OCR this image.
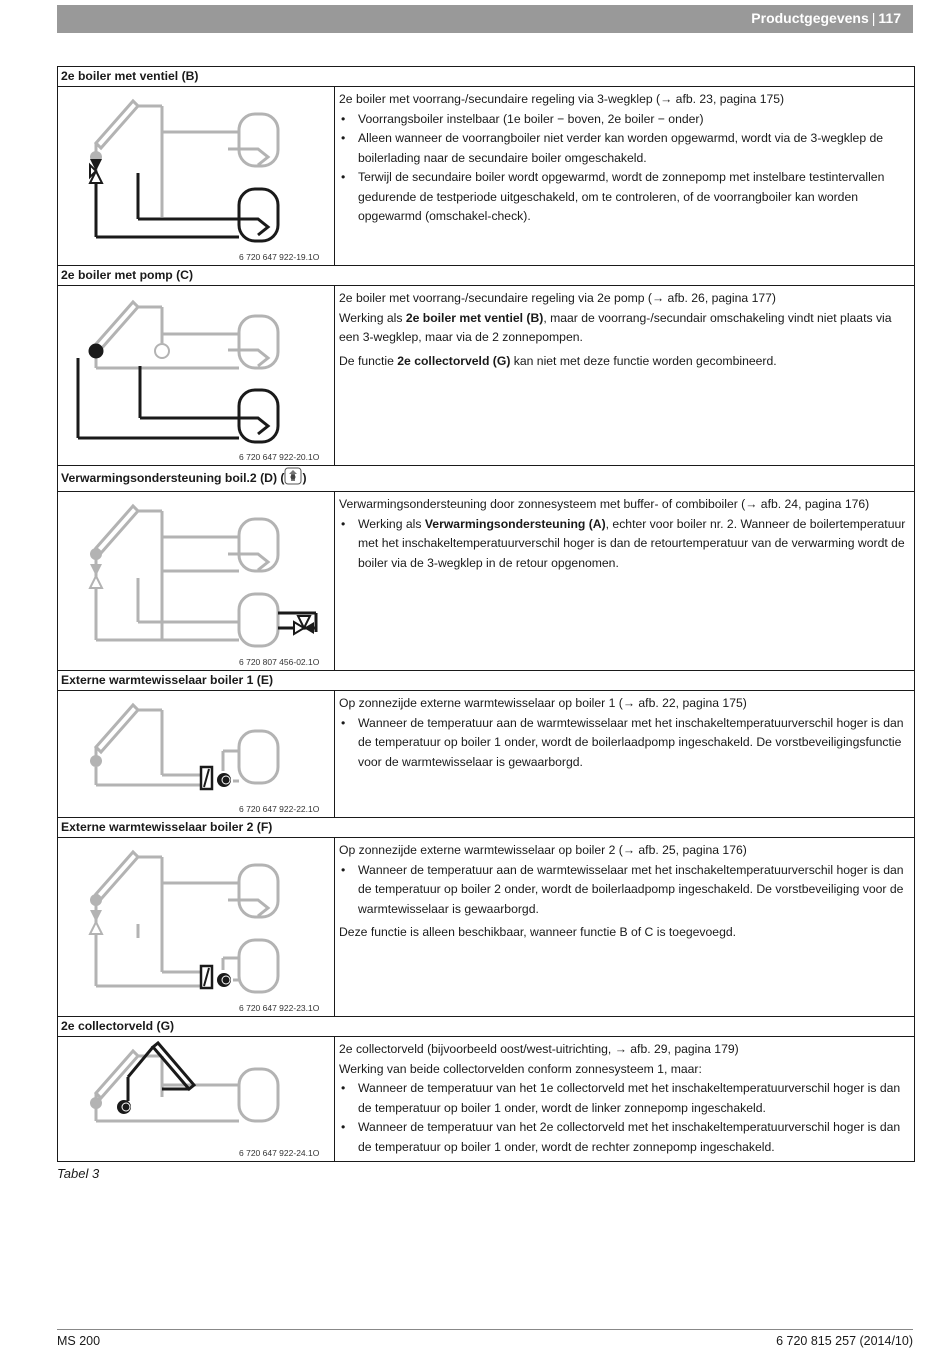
Productgegevens | 117
2e boiler met ventiel (B)	

6 720 647 922-19.1O	2e boiler met voorrang-/secundaire regeling via 3-wegklep (→ afb. 23, pagina 175)
• Voorrangsboiler instelbaar (1e boiler − boven, 2e boiler − onder)
• Alleen wanneer de voorrangboiler niet verder kan worden opgewarmd, wordt via de 3-wegklep de boilerlading naar de secundaire boiler omgeschakeld.
• Terwijl de secundaire boiler wordt opgewarmd, wordt de zonnepomp met instelbare testintervallen gedurende de testperiode uitgeschakeld, om te controleren, of de voorrangboiler kan worden opgewarmd (omschakel-check).

2e boiler met pomp (C)	

6 720 647 922-20.1O	2e boiler met voorrang-/secundaire regeling via 2e pomp (→ afb. 26, pagina 177)
Werking als 2e boiler met ventiel (B), maar de voorrang-/secundair omschakeling vindt niet plaats via een 3-wegklep, maar via de 2 zonnepompen.
De functie 2e collectorveld (G) kan niet met deze functie worden gecombineerd.

Verwarmingsondersteuning boil.2 (D) ( )	

6 720 807 456-02.1O	Verwarmingsondersteuning door zonnesysteem met buffer- of combiboiler (→ afb. 24, pagina 176)
• Werking als Verwarmingsondersteuning (A), echter voor boiler nr. 2. Wanneer de boilertemperatuur met het inschakeltemperatuurverschil hoger is dan de retourtemperatuur van de verwarming wordt de boiler via de 3-wegklep in de retour opgenomen.

Externe warmtewisselaar boiler 1 (E)	

6 720 647 922-22.1O	Op zonnezijde externe warmtewisselaar op boiler 1 (→ afb. 22, pagina 175)
• Wanneer de temperatuur aan de warmtewisselaar met het inschakeltemperatuurverschil hoger is dan de temperatuur op boiler 1 onder, wordt de boilerlaadpomp ingeschakeld. De vorstbeveiligingsfunctie voor de warmtewisselaar is gewaarborgd.

Externe warmtewisselaar boiler 2 (F)	

6 720 647 922-23.1O	Op zonnezijde externe warmtewisselaar op boiler 2 (→ afb. 25, pagina 176)
• Wanneer de temperatuur aan de warmtewisselaar met het inschakeltemperatuurverschil hoger is dan de temperatuur op boiler 2 onder, wordt de boilerlaadpomp ingeschakeld. De vorstbeveiliging voor de warmtewisselaar is gewaarborgd.
Deze functie is alleen beschikbaar, wanneer functie B of C is toegevoegd.

2e collectorveld (G)	

6 720 647 922-24.1O	2e collectorveld (bijvoorbeeld oost/west-uitrichting, → afb. 29, pagina 179)
Werking van beide collectorvelden conform zonnesysteem 1, maar:
• Wanneer de temperatuur van het 1e collectorveld met het inschakeltemperatuurverschil hoger is dan de temperatuur op boiler 1 onder, wordt de linker zonnepomp ingeschakeld.
• Wanneer de temperatuur van het 2e collectorveld met het inschakeltemperatuurverschil hoger is dan de temperatuur op boiler 1 onder, wordt de rechter zonnepomp ingeschakeld.
Tabel 3
MS 200	6 720 815 257 (2014/10)
